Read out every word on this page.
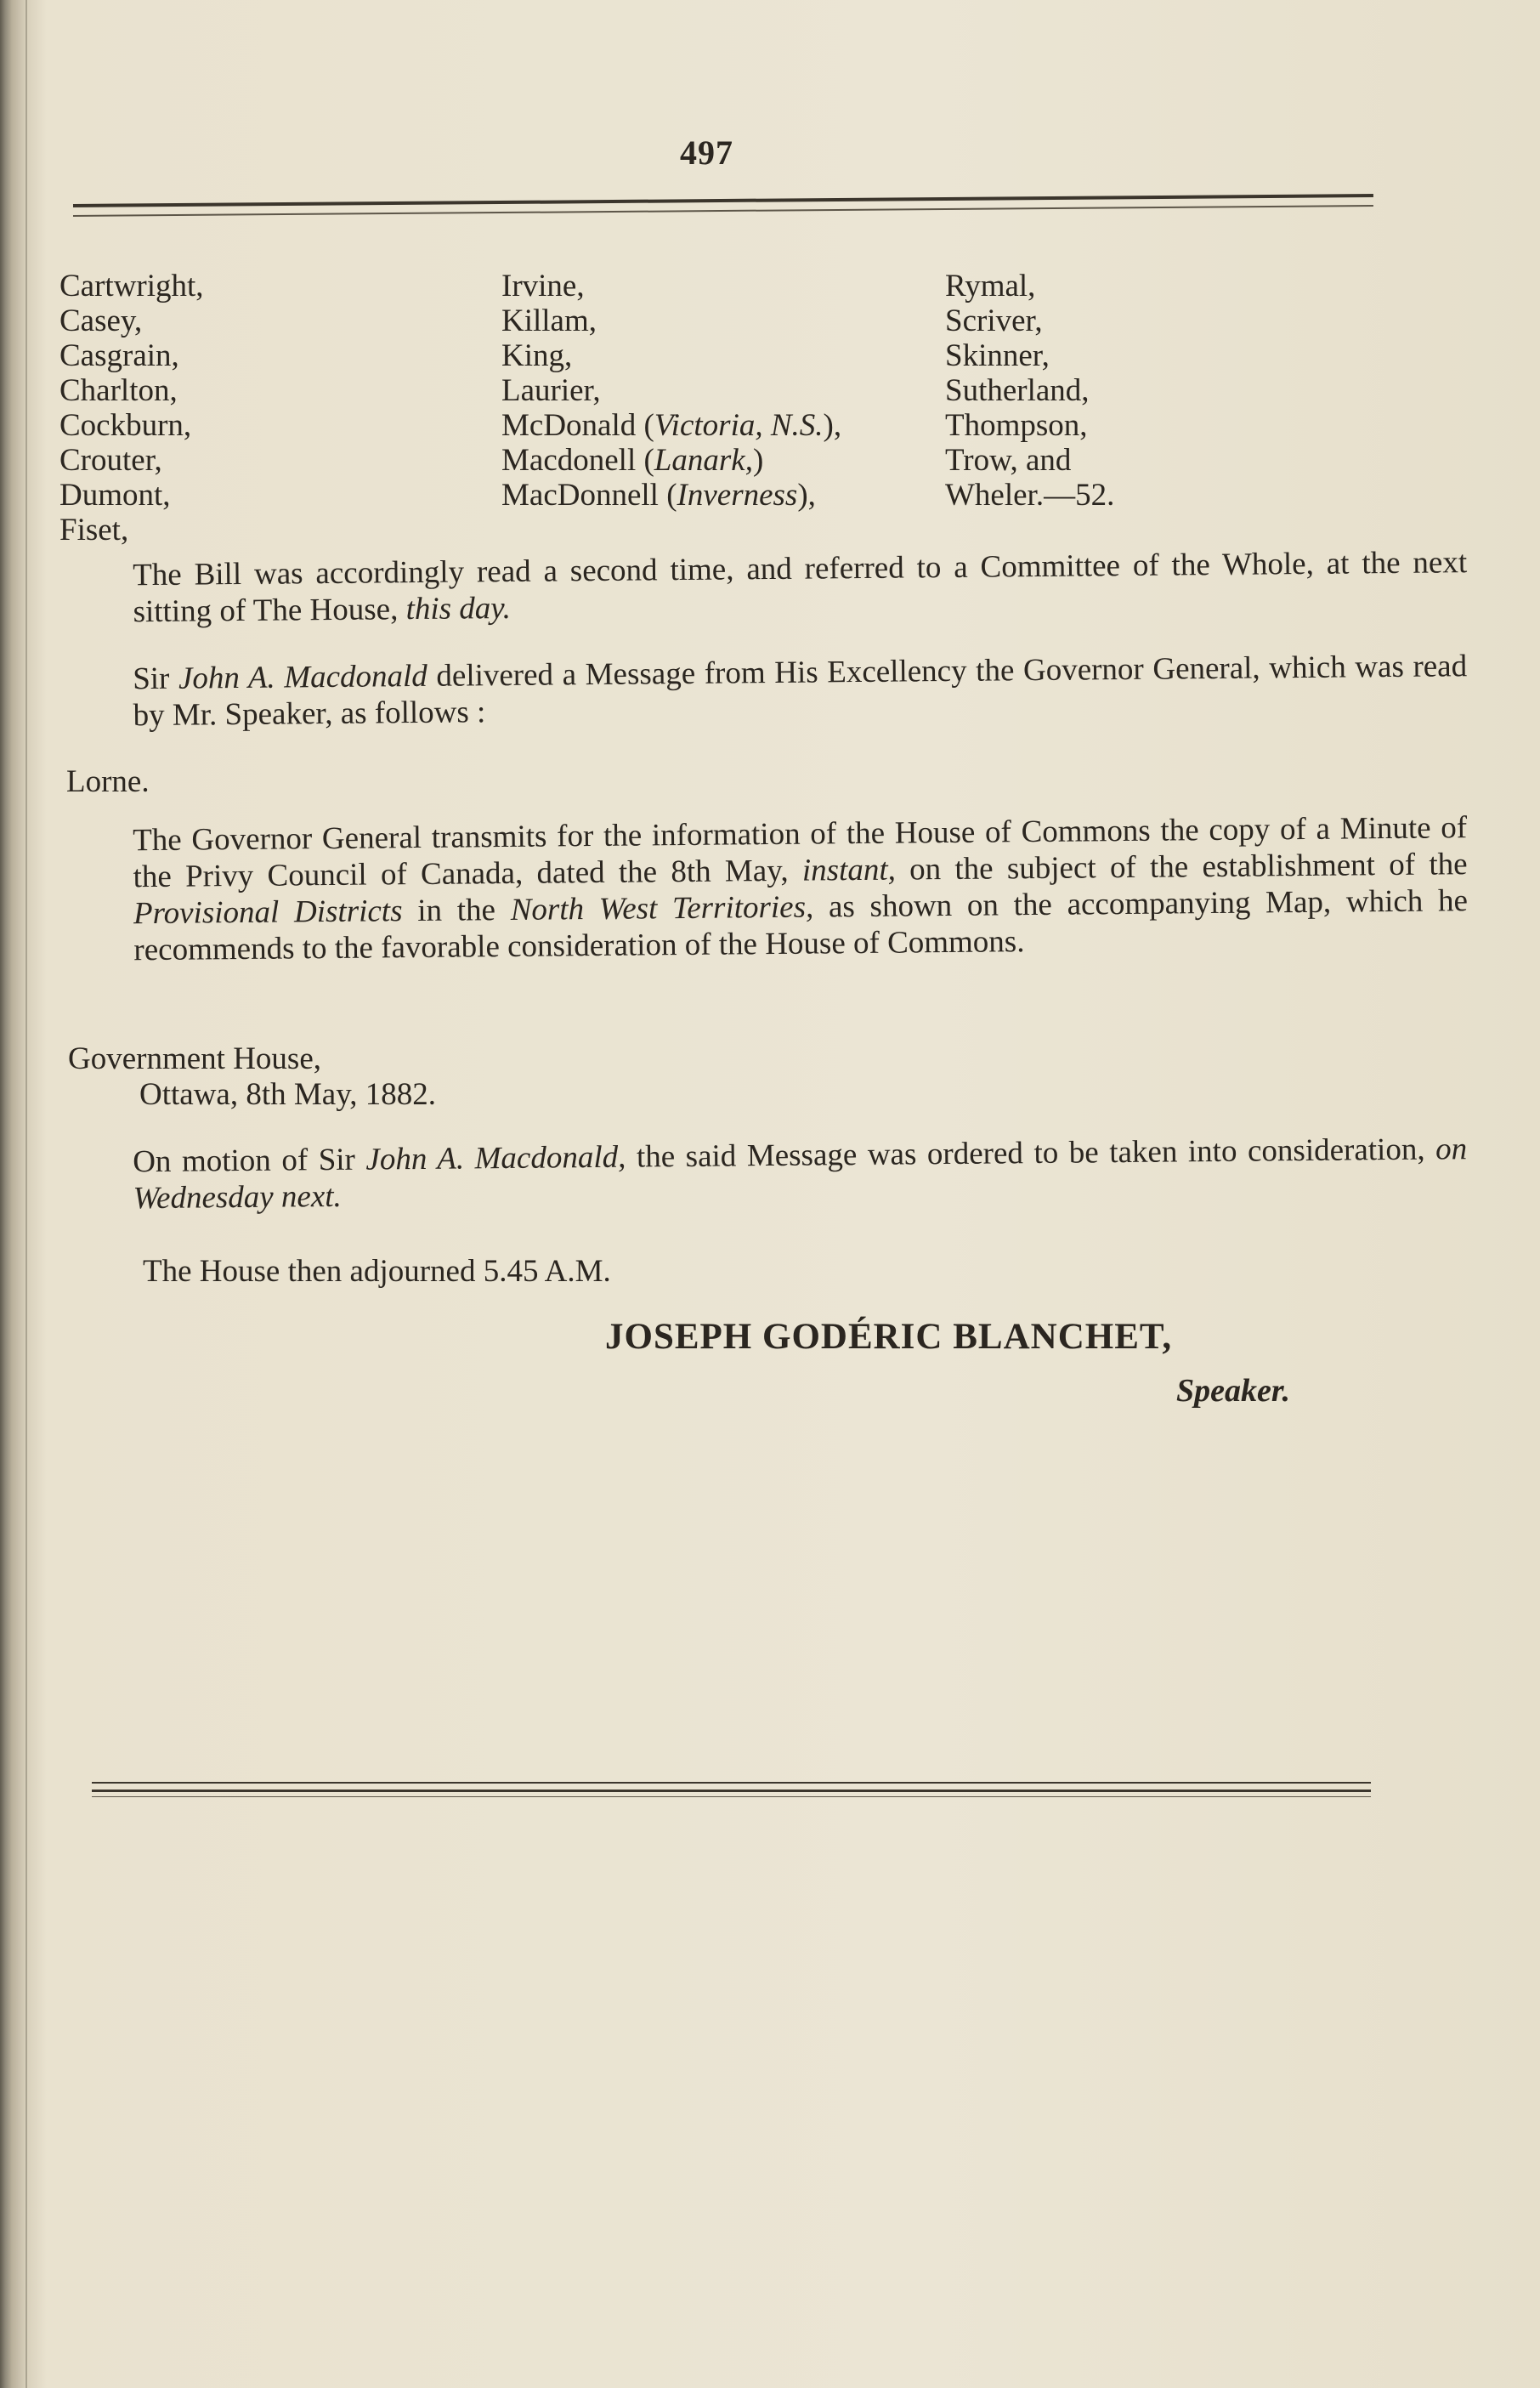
497
Cartwright,
Casey,
Casgrain,
Charlton,
Cockburn,
Crouter,
Dumont,
Fiset,
Irvine,
Killam,
King,
Laurier,
McDonald (Victoria, N.S.),
Macdonell (Lanark,)
MacDonnell (Inverness),
Rymal,
Scriver,
Skinner,
Sutherland,
Thompson,
Trow, and
Wheler.—52.
The Bill was accordingly read a second time, and referred to a Committee of the Whole, at the next sitting of The House, this day.
Sir John A. Macdonald delivered a Message from His Excellency the Governor General, which was read by Mr. Speaker, as follows :
Lorne.
The Governor General transmits for the information of the House of Commons the copy of a Minute of the Privy Council of Canada, dated the 8th May, instant, on the subject of the establishment of the Provisional Districts in the North West Territories, as shown on the accompanying Map, which he recommends to the favorable consideration of the House of Commons.
Government House,
Ottawa, 8th May, 1882.
On motion of Sir John A. Macdonald, the said Message was ordered to be taken into consideration, on Wednesday next.
The House then adjourned 5.45 A.M.
JOSEPH GODÉRIC BLANCHET,
Speaker.
